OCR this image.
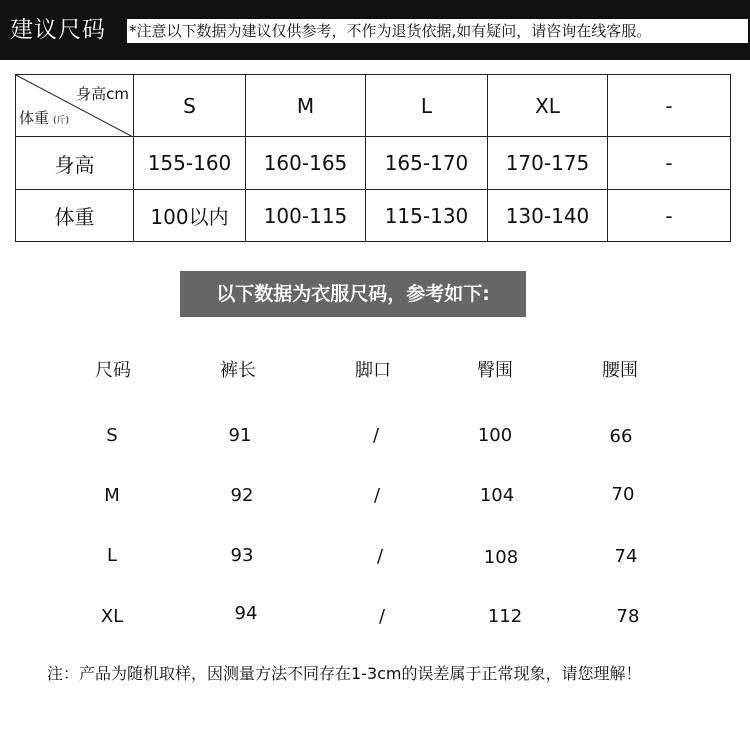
建议尺码 *注意以下数据为建议仅供参考，不作为退货依据,如有疑问，请咨询在线客服。
身高cm
体重 (斤)	S	M	L	XL	-
身高	155-160	160-165	165-170	170-175	-
体重	100以内	100-115	115-130	130-140	-
以下数据为衣服尺码，参考如下:
尺码	裤长	脚口	臀围	腰围
S	91	/	100	66
M	92	/	104	70
L	93	/	108	74
XL	94	/	112	78
注：产品为随机取样，因测量方法不同存在1-3cm的误差属于正常现象，请您理解！
